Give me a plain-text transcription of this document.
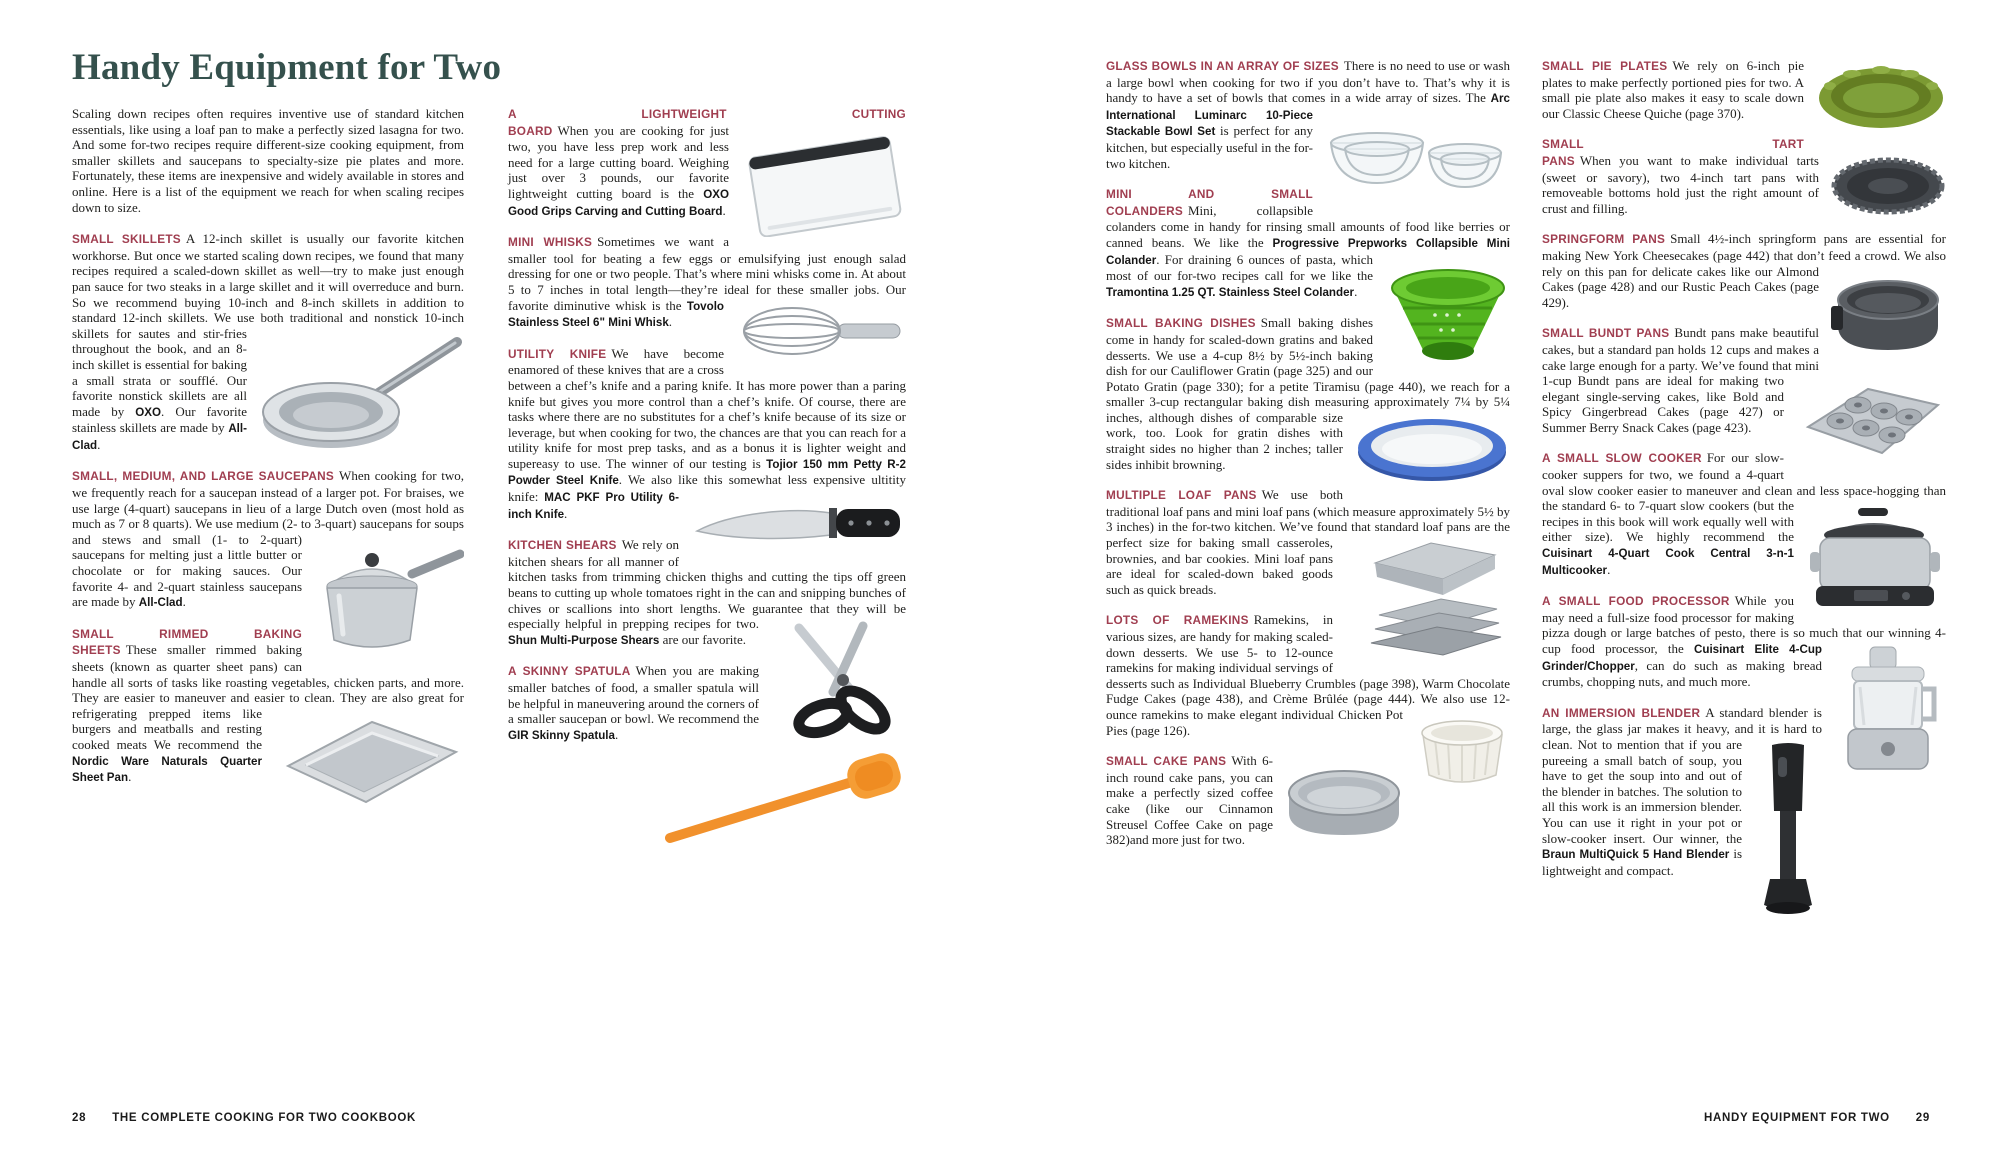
Handy Equipment for Two

Scaling down recipes often requires inventive use of standard kitchen essentials, like using a loaf pan to make a perfectly sized lasagna for two. And some for-two recipes require different-size cooking equipment, from smaller skillets and saucepans to specialty-size pie plates and more. Fortunately, these items are inexpensive and widely available in stores and online. Here is a list of the equipment we reach for when scaling recipes down to size.

SMALL SKILLETS A 12-inch skillet is usually our favorite kitchen workhorse. But once we started scaling down recipes, we found that many recipes required a scaled-down skillet as well—try to make just enough pan sauce for two steaks in a large skillet and it will overreduce and burn. So we recommend buying 10-inch and 8-inch skillets in addition to standard 12-inch skillets. We use both traditional and nonstick 10-inch skillets for sautes and stir-fries
throughout the book, and an 8-inch skillet is essential for baking a small strata or soufflé. Our favorite nonstick skillets are all made by OXO. Our favorite stainless skillets are made by All-Clad.

SMALL, MEDIUM, AND LARGE SAUCEPANS When cooking for two, we frequently reach for a saucepan instead of a larger pot. For braises, we use large (4-quart) saucepans in lieu of a large Dutch oven (most hold as much as 7 or 8 quarts). We use medium (2- to 3-quart)
saucepans for soups and stews and small (1- to 2-quart) saucepans for melting just a little butter or chocolate or for making sauces. Our favorite 4- and 2-quart stainless saucepans are made by All-Clad.

SMALL RIMMED BAKING SHEETS These smaller rimmed baking sheets (known as quarter sheet pans) can handle all sorts of tasks like roasting vegetables, chicken parts, and more. They are easier to maneuver and easier to clean.
They are also great for refrigerating prepped items like burgers and meatballs and resting cooked meats We recommend the Nordic Ware Naturals Quarter Sheet Pan.

A LIGHTWEIGHT CUTTING BOARD When you are cooking for just two, you have less prep work and less need for a large cutting board. Weighing just over 3 pounds, our favorite lightweight cutting board is the OXO Good Grips Carving and Cutting Board.

MINI WHISKS Sometimes we want a smaller tool for beating a few eggs or emulsifying just enough salad dressing for one or two people. That’s where mini whisks come in. At about 5 to 7 inches in total length—they’re ideal for these smaller jobs.
Our favorite diminutive whisk is the Tovolo Stainless Steel 6" Mini Whisk.

UTILITY KNIFE We have become enamored of these knives that are a cross between a chef’s knife and a paring knife. It has more power than a paring knife but gives you more control than a chef’s knife. Of course, there are tasks where there are no substitutes for a chef’s knife because of its size or leverage, but when cooking for two, the chances are that you can reach for a utility knife for most prep tasks, and as a bonus it is lighter weight and supereasy to use. The winner of our testing is Tojior 150 mm Petty R-2 Powder Steel Knife. We also like this somewhat less
expensive ultitity knife: MAC PKF Pro Utility 6-inch Knife.

KITCHEN SHEARS We rely on kitchen shears for all manner of kitchen tasks from trimming chicken thighs and cutting the tips off green beans to cutting up whole tomatoes right in the can and snipping bunches of chives or scallions into short lengths. We guarantee that they
will be especially helpful in prepping recipes for two. Shun Multi-Purpose Shears are our favorite.

A SKINNY SPATULA When you are making smaller batches of food, a smaller spatula will be helpful in maneuvering around the corners of a smaller saucepan or bowl. We recommend the GIR Skinny Spatula.

GLASS BOWLS IN AN ARRAY OF SIZES There is no need to use or wash a large bowl when cooking for two if you don’t have to. That’s why it is handy to have a set of bowls that comes in a wide array of sizes. The
Arc International Luminarc 10-Piece Stackable Bowl Set is perfect for any kitchen, but especially useful in the for-two kitchen.

MINI AND SMALL COLANDERS Mini, collapsible colanders come in handy for rinsing small amounts of food like berries or canned beans. We like the Progressive Prepworks Collapsible Mini Colander. For draining
6 ounces of pasta, which most of our for-two recipes call for we like the Tramontina 1.25 QT. Stainless Steel Colander.

SMALL BAKING DISHES Small baking dishes come in handy for scaled-down gratins and baked desserts. We use a 4-cup 8½ by 5½-inch baking dish for our Cauliflower Gratin (page 325) and our Potato Gratin (page 330); for a petite Tiramisu (page 440), we reach for a smaller 3-cup rectangular baking dish measuring approximately 7¼ by 5¼ inches, although dishes of comparable size
work, too. Look for gratin dishes with straight sides no higher than 2 inches; taller sides inhibit browning.

MULTIPLE LOAF PANS We use both traditional loaf pans and mini loaf pans (which measure approximately 5½ by 3 inches) in the for-two kitchen. We’ve found
that standard loaf pans are the perfect size for baking small casseroles, brownies, and bar cookies. Mini loaf pans are ideal for scaled-down baked goods such as quick breads.

LOTS OF RAMEKINS Ramekins, in various sizes, are handy for making scaled-down desserts. We use 5- to 12-ounce ramekins for making individual servings of desserts such as Individual Blueberry Crumbles (page 398), Warm Chocolate Fudge Cakes (page 438), and Crème Brûlée (page 444). We also use 12-ounce ramekins
to make elegant individual Chicken Pot Pies (page 126).

SMALL CAKE PANS With 6-inch round cake pans, you can make a perfectly sized coffee cake (like our Cinnamon Streusel Coffee Cake on page 382)and more just for two.

SMALL PIE PLATES We rely on 6-inch pie plates to make perfectly portioned pies for two. A small pie plate also makes it easy to scale down our Classic Cheese Quiche (page 370).

SMALL TART PANS When you want to make individual tarts (sweet or savory), two 4-inch tart pans with removeable bottoms hold just the right amount of crust and filling.

SPRINGFORM PANS Small 4½-inch springform pans are essential for making New York Cheesecakes (page 442) that don’t feed a crowd. We also rely
on this pan for delicate cakes like our Almond Cakes (page 428) and our Rustic Peach Cakes (page 429).

SMALL BUNDT PANS Bundt pans make beautiful cakes, but a standard pan holds 12 cups and makes a cake large enough for a party. We’ve found that mini 1-cup Bundt
pans are ideal for making two elegant single-serving cakes, like Bold and Spicy Gingerbread Cakes (page 427) or Summer Berry Snack Cakes (page 423).

A SMALL SLOW COOKER For our slow-cooker suppers for two, we found a 4-quart oval slow cooker easier to maneuver and clean and less space-hogging than the standard 6- to 7-quart slow cookers (but the
recipes in this book will work equally well with either size). We highly recommend the Cuisinart 4-Quart Cook Central 3-n-1 Multicooker.

A SMALL FOOD PROCESSOR While you may need a full-size food processor for making pizza dough or large batches of pesto, there is so much
that our winning 4-cup food processor, the Cuisinart Elite 4-Cup Grinder/Chopper, can do such as making bread crumbs, chopping nuts, and much more.

AN IMMERSION BLENDER A standard blender is large, the glass jar makes it heavy, and it is hard to clean. Not
to mention that if you are pureeing a small batch of soup, you have to get the soup into and out of the blender in batches. The solution to all this work is an immersion blender. You can use it right in your pot or slow-cooker insert. Our winner, the Braun MultiQuick 5 Hand Blender is lightweight and compact.

28 THE COMPLETE COOKING FOR TWO COOKBOOK	HANDY EQUIPMENT FOR TWO 29
